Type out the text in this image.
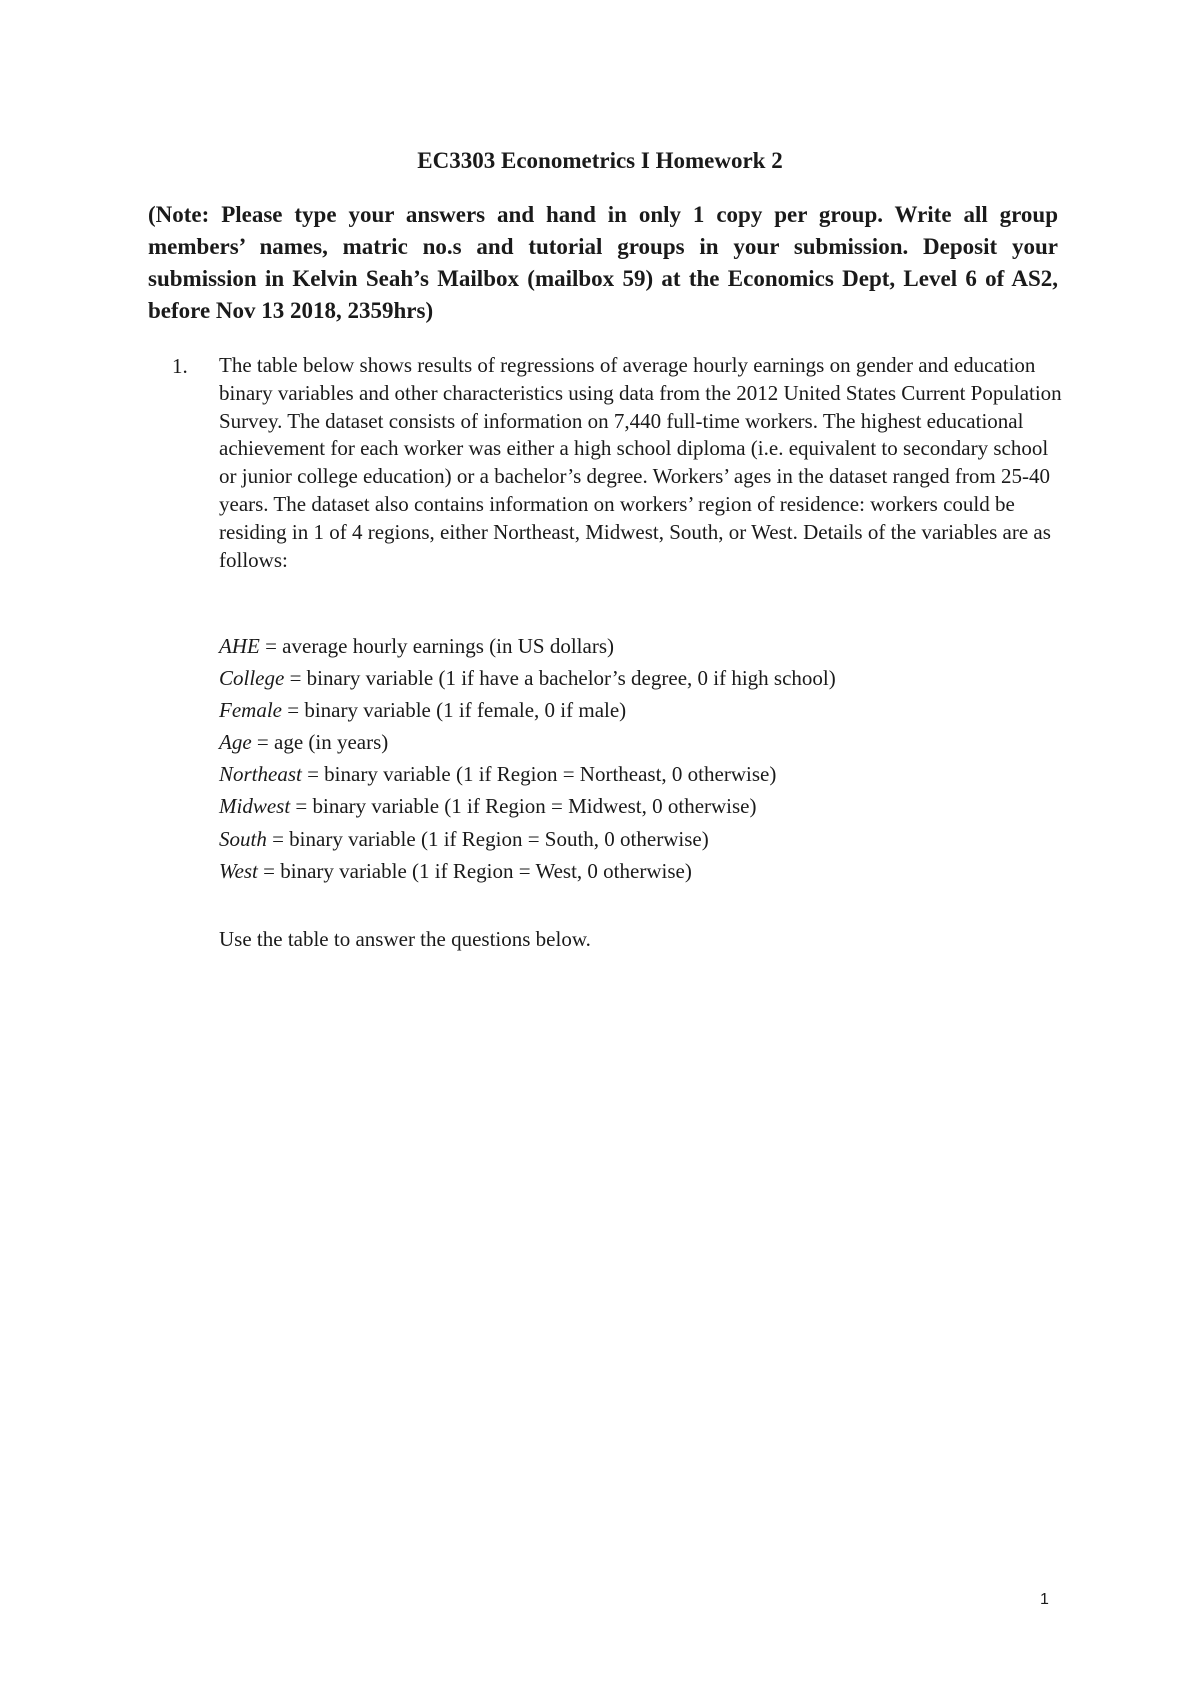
EC3303 Econometrics I Homework 2
(Note: Please type your answers and hand in only 1 copy per group. Write all group members’ names, matric no.s and tutorial groups in your submission. Deposit your submission in Kelvin Seah’s Mailbox (mailbox 59) at the Economics Dept, Level 6 of AS2, before Nov 13 2018, 2359hrs)
1. The table below shows results of regressions of average hourly earnings on gender and education binary variables and other characteristics using data from the 2012 United States Current Population Survey. The dataset consists of information on 7,440 full-time workers. The highest educational achievement for each worker was either a high school diploma (i.e. equivalent to secondary school or junior college education) or a bachelor’s degree. Workers’ ages in the dataset ranged from 25-40 years. The dataset also contains information on workers’ region of residence: workers could be residing in 1 of 4 regions, either Northeast, Midwest, South, or West. Details of the variables are as follows:
AHE = average hourly earnings (in US dollars)
College = binary variable (1 if have a bachelor’s degree, 0 if high school)
Female = binary variable (1 if female, 0 if male)
Age = age (in years)
Northeast = binary variable (1 if Region = Northeast, 0 otherwise)
Midwest = binary variable (1 if Region = Midwest, 0 otherwise)
South = binary variable (1 if Region = South, 0 otherwise)
West = binary variable (1 if Region = West, 0 otherwise)
Use the table to answer the questions below.
1
